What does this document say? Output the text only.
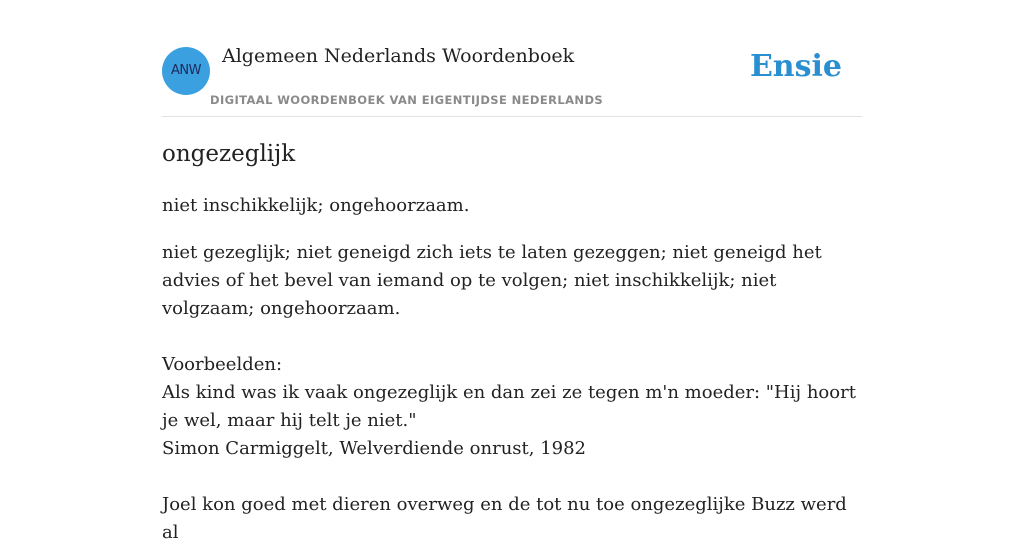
ANW
Algemeen Nederlands Woordenboek
DIGITAAL WOORDENBOEK VAN EIGENTIJDSE NEDERLANDS
Ensie
ongezeglijk

niet inschikkelijk; ongehoorzaam.

niet gezeglijk; niet geneigd zich iets te laten gezeggen; niet geneigd het advies of het bevel van iemand op te volgen; niet inschikkelijk; niet volgzaam; ongehoorzaam.

Voorbeelden:
Als kind was ik vaak ongezeglijk en dan zei ze tegen m'n moeder: "Hij hoort je wel, maar hij telt je niet."
Simon Carmiggelt, Welverdiende onrust, 1982
Joel kon goed met dieren overweg en de tot nu toe ongezeglijke Buzz werd al
